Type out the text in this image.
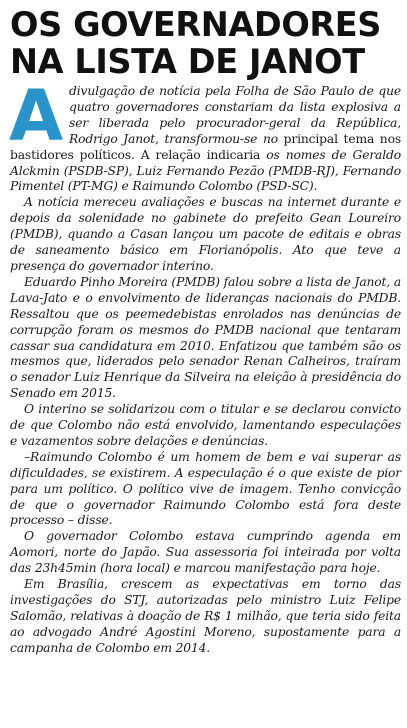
OS GOVERNADORES
NA LISTA DE JANOT

Adivulgação de notícia pela Folha de São Paulo de que quatro governadores constariam da lista explosiva a ser liberada pelo procurador-geral da República, Rodrigo Janot, transformou-se no principal tema nos bastidores políticos. A relação indicaria os nomes de Geraldo Alckmin (PSDB-SP), Luiz Fernando Pezão (PMDB-RJ), Fernando Pimentel (PT-MG) e Raimundo Colombo (PSD-SC).

A notícia mereceu avaliações e buscas na internet durante e depois da solenidade no gabinete do prefeito Gean Loureiro (PMDB), quando a Casan lançou um pacote de editais e obras de saneamento básico em Florianópolis. Ato que teve a presença do governador interino.

Eduardo Pinho Moreira (PMDB) falou sobre a lista de Janot, a Lava-Jato e o envolvimento de lideranças nacionais do PMDB. Ressaltou que os peemedebistas enrolados nas denúncias de corrupção foram os mesmos do PMDB nacional que tentaram cassar sua candidatura em 2010. Enfatizou que também são os mesmos que, liderados pelo senador Renan Calheiros, traíram o senador Luiz Henrique da Silveira na eleição à presidência do Senado em 2015.

O interino se solidarizou com o titular e se declarou convicto de que Colombo não está envolvido, lamentando especulações e vazamentos sobre delações e denúncias.

–Raimundo Colombo é um homem de bem e vai superar as dificuldades, se existirem. A especulação é o que existe de pior para um político. O político vive de imagem. Tenho convicção de que o governador Raimundo Colombo está fora deste processo – disse.

O governador Colombo estava cumprindo agenda em Aomori, norte do Japão. Sua assessoria foi inteirada por volta das 23h45min (hora local) e marcou manifestação para hoje.

Em Brasília, crescem as expectativas em torno das investigações do STJ, autorizadas pelo ministro Luiz Felipe Salomão, relativas à doação de R$ 1 milhão, que teria sido feita ao advogado André Agostini Moreno, supostamente para a campanha de Colombo em 2014.
